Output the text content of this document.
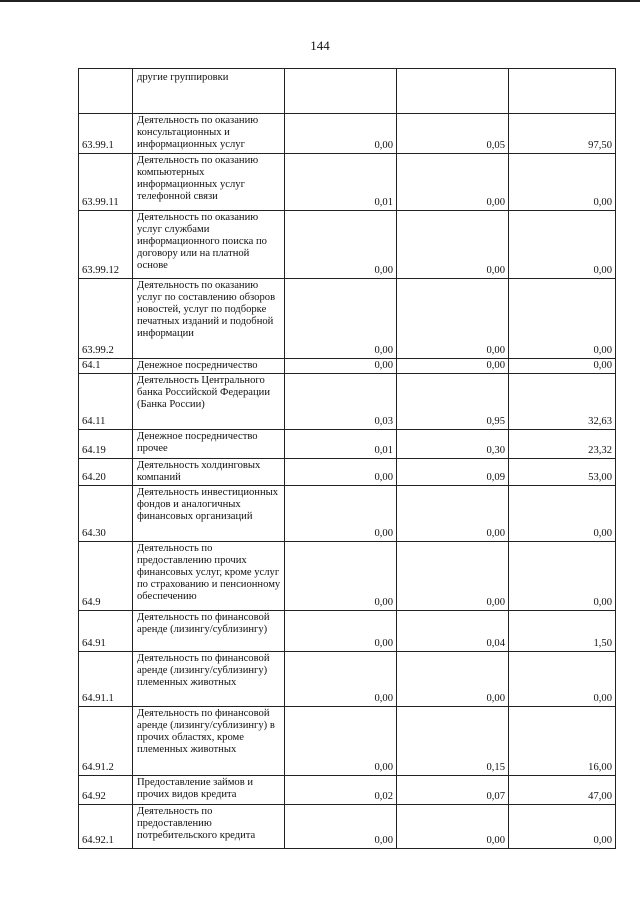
144
	другие группировки			
63.99.1	Деятельность по оказанию консультационных и информационных услуг	0,00	0,05	97,50
63.99.11	Деятельность по оказанию компьютерных информационных услуг телефонной связи	0,01	0,00	0,00
63.99.12	Деятельность по оказанию услуг службами информационного поиска по договору или на платной основе	0,00	0,00	0,00
63.99.2	Деятельность по оказанию услуг по составлению обзоров новостей, услуг по подборке печатных изданий и подобной информации	0,00	0,00	0,00
64.1	Денежное посредничество	0,00	0,00	0,00
64.11	Деятельность Центрального банка Российской Федерации (Банка России)	0,03	0,95	32,63
64.19	Денежное посредничество прочее	0,01	0,30	23,32
64.20	Деятельность холдинговых компаний	0,00	0,09	53,00
64.30	Деятельность инвестиционных фондов и аналогичных финансовых организаций	0,00	0,00	0,00
64.9	Деятельность по предоставлению прочих финансовых услуг, кроме услуг по страхованию и пенсионному обеспечению	0,00	0,00	0,00
64.91	Деятельность по финансовой аренде (лизингу/сублизингу)	0,00	0,04	1,50
64.91.1	Деятельность по финансовой аренде (лизингу/сублизингу) племенных животных	0,00	0,00	0,00
64.91.2	Деятельность по финансовой аренде (лизингу/сублизингу) в прочих областях, кроме племенных животных	0,00	0,15	16,00
64.92	Предоставление займов и прочих видов кредита	0,02	0,07	47,00
64.92.1	Деятельность по предоставлению потребительского кредита	0,00	0,00	0,00
